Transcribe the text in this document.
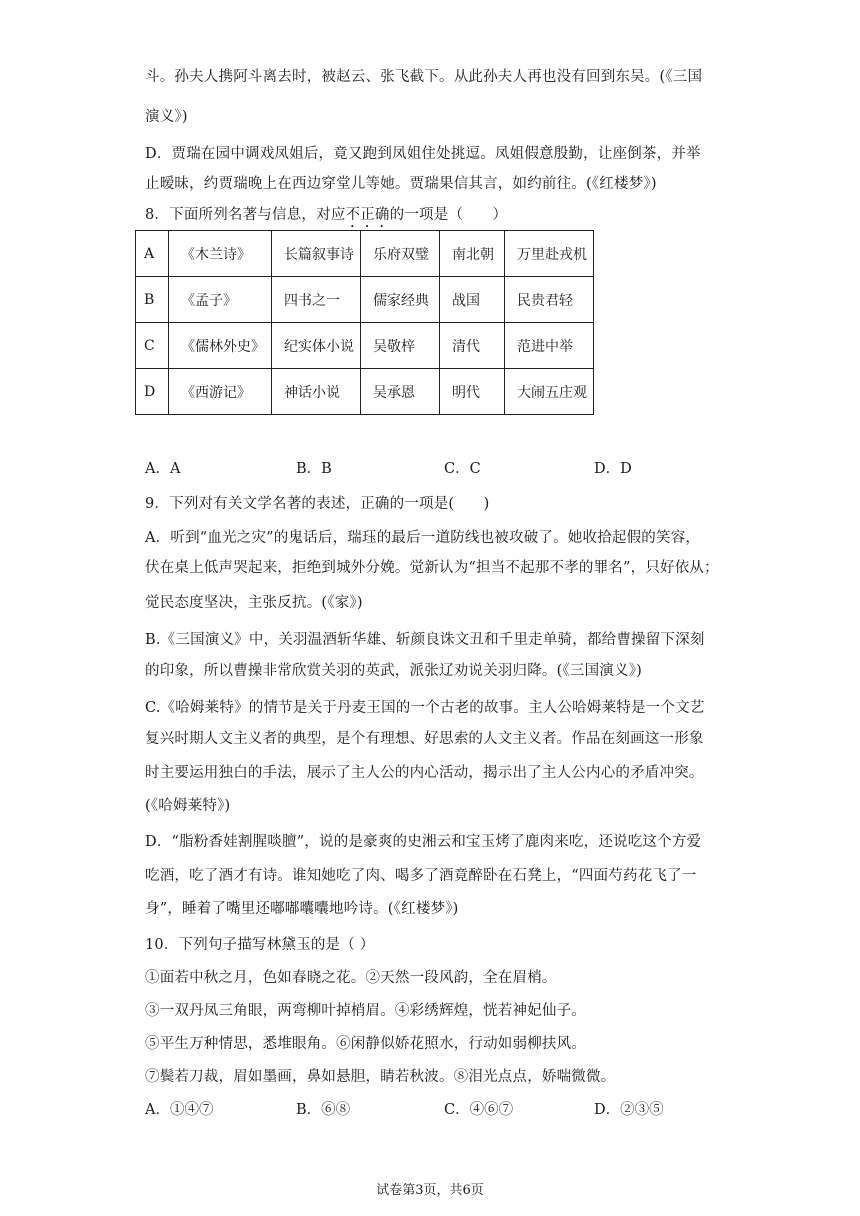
斗。孙夫人携阿斗离去时，被赵云、张飞截下。从此孙夫人再也没有回到东吴。(《三国
演义》)
D．贾瑞在园中调戏凤姐后，竟又跑到凤姐住处挑逗。凤姐假意殷勤，让座倒茶，并举
止暧昧，约贾瑞晚上在西边穿堂儿等她。贾瑞果信其言，如约前往。(《红楼梦》)
8．下面所列名著与信息，对应不正确的一项是（　　）
A	《木兰诗》	长篇叙事诗	乐府双璧	南北朝	万里赴戎机
B	《孟子》	四书之一	儒家经典	战国	民贵君轻
C	《儒林外史》	纪实体小说	吴敬梓	清代	范进中举
D	《西游记》	神话小说	吴承恩	明代	大闹五庄观
A．A	B．B	C．C	D．D
9．下列对有关文学名著的表述，正确的一项是(　　)
A．听到“血光之灾”的鬼话后，瑞珏的最后一道防线也被攻破了。她收拾起假的笑容，
伏在桌上低声哭起来，拒绝到城外分娩。觉新认为“担当不起那不孝的罪名”，只好依从；
觉民态度坚决，主张反抗。(《家》)
B.《三国演义》中，关羽温酒斩华雄、斩颜良诛文丑和千里走单骑，都给曹操留下深刻
的印象，所以曹操非常欣赏关羽的英武，派张辽劝说关羽归降。(《三国演义》)
C.《哈姆莱特》的情节是关于丹麦王国的一个古老的故事。主人公哈姆莱特是一个文艺
复兴时期人文主义者的典型，是个有理想、好思索的人文主义者。作品在刻画这一形象
时主要运用独白的手法，展示了主人公的内心活动，揭示出了主人公内心的矛盾冲突。
(《哈姆莱特》)
D．“脂粉香娃割腥啖膻”，说的是豪爽的史湘云和宝玉烤了鹿肉来吃，还说吃这个方爱
吃酒，吃了酒才有诗。谁知她吃了肉、喝多了酒竟醉卧在石凳上，“四面芍药花飞了一
身”，睡着了嘴里还嘟嘟囔囔地吟诗。(《红楼梦》)
10．下列句子描写林黛玉的是（ ）
①面若中秋之月，色如春晓之花。②天然一段风韵，全在眉梢。
③一双丹凤三角眼，两弯柳叶掉梢眉。④彩绣辉煌，恍若神妃仙子。
⑤平生万种情思，悉堆眼角。⑥闲静似娇花照水，行动如弱柳扶风。
⑦鬓若刀裁，眉如墨画，鼻如悬胆，睛若秋波。⑧泪光点点，娇喘微微。
A．①④⑦	B．⑥⑧	C．④⑥⑦	D．②③⑤
试卷第3页，共6页
